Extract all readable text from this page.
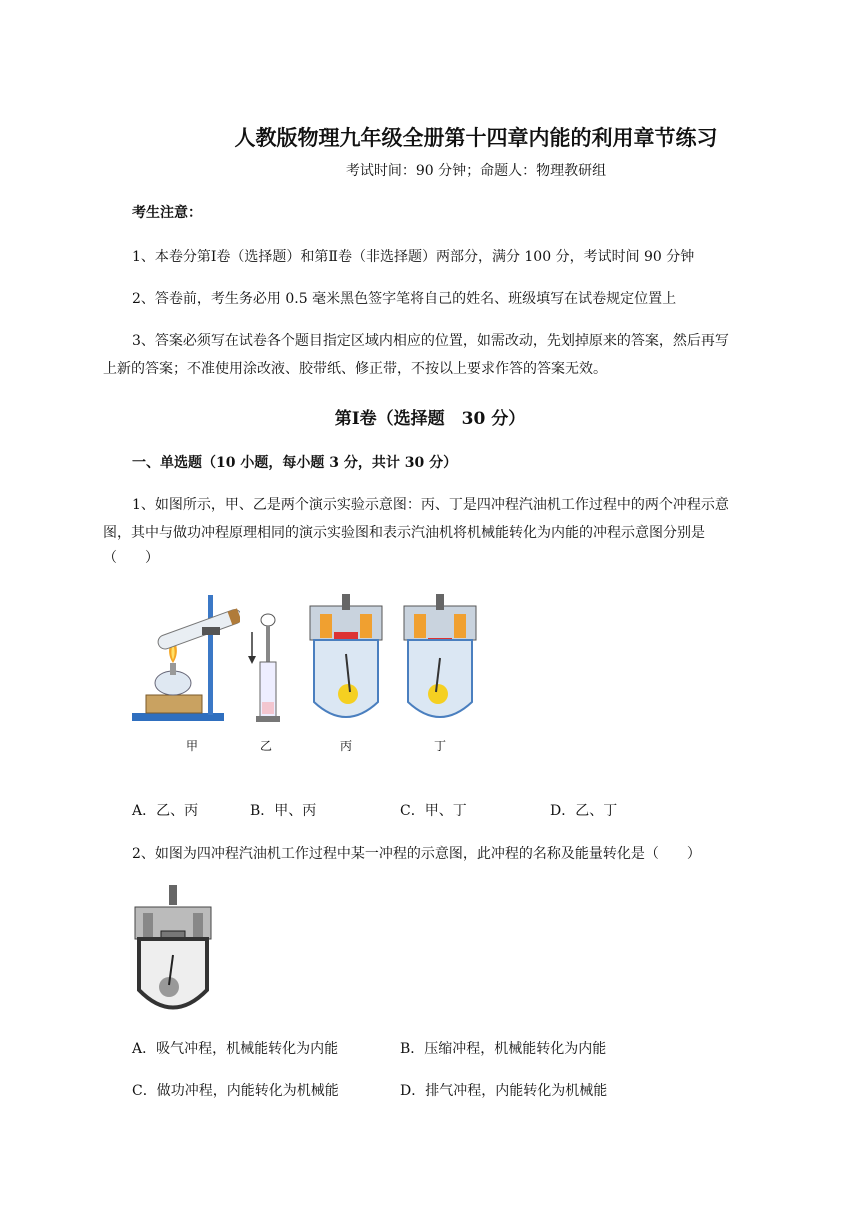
人教版物理九年级全册第十四章内能的利用章节练习
考试时间：90 分钟；命题人：物理教研组
考生注意：
1、本卷分第Ⅰ卷（选择题）和第Ⅱ卷（非选择题）两部分，满分 100 分，考试时间 90 分钟
2、答卷前，考生务必用 0.5 毫米黑色签字笔将自己的姓名、班级填写在试卷规定位置上
3、答案必须写在试卷各个题目指定区域内相应的位置，如需改动，先划掉原来的答案，然后再写
上新的答案；不准使用涂改液、胶带纸、修正带，不按以上要求作答的答案无效。
第Ⅰ卷（选择题　30 分）
一、单选题（10 小题，每小题 3 分，共计 30 分）
1、如图所示，甲、乙是两个演示实验示意图：丙、丁是四冲程汽油机工作过程中的两个冲程示意
图，其中与做功冲程原理相同的演示实验图和表示汽油机将机械能转化为内能的冲程示意图分别是
（　　）
甲	乙	丙	丁
A．乙、丙	B．甲、丙	C．甲、丁	D．乙、丁
2、如图为四冲程汽油机工作过程中某一冲程的示意图，此冲程的名称及能量转化是（　　）
A．吸气冲程，机械能转化为内能	B．压缩冲程，机械能转化为内能
C．做功冲程，内能转化为机械能	D．排气冲程，内能转化为机械能
